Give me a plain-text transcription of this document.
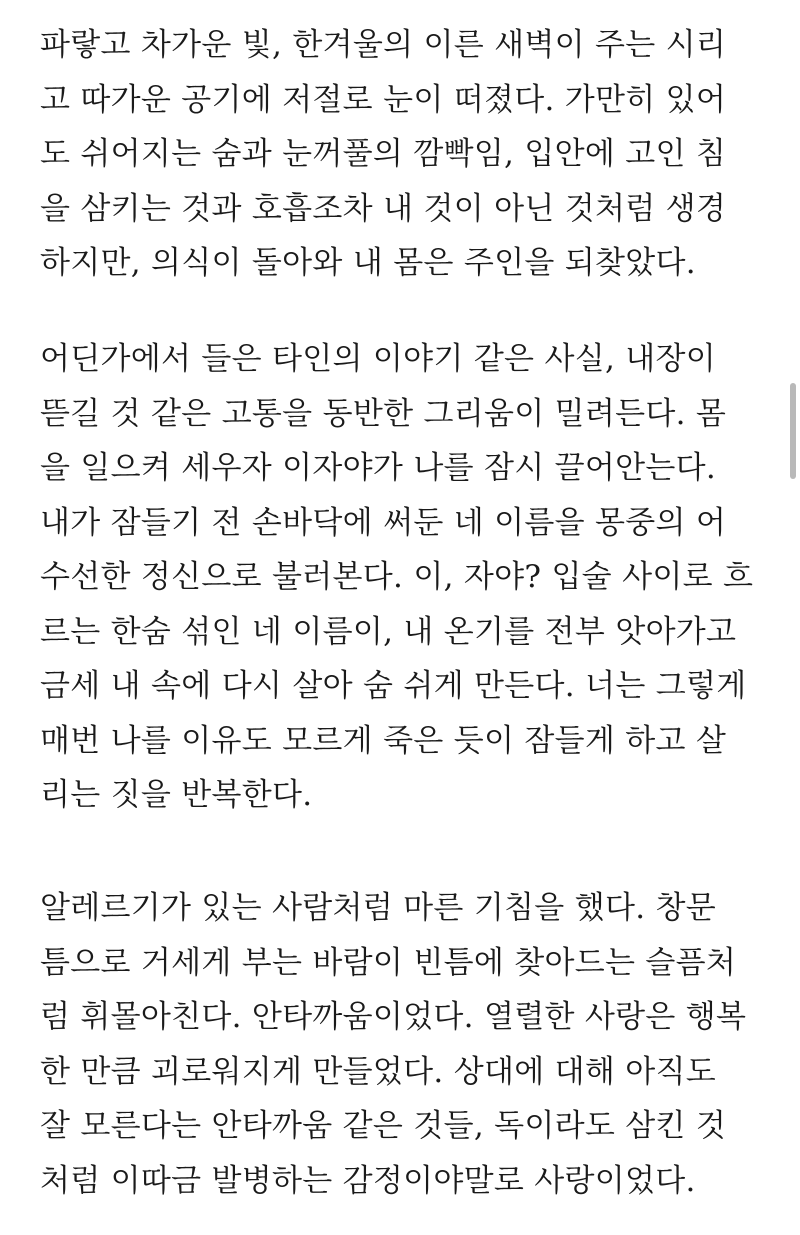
파랗고 차가운 빛, 한겨울의 이른 새벽이 주는 시리
고 따가운 공기에 저절로 눈이 떠졌다. 가만히 있어
도 쉬어지는 숨과 눈꺼풀의 깜빡임, 입안에 고인 침
을 삼키는 것과 호흡조차 내 것이 아닌 것처럼 생경
하지만, 의식이 돌아와 내 몸은 주인을 되찾았다.
어딘가에서 들은 타인의 이야기 같은 사실, 내장이
뜯길 것 같은 고통을 동반한 그리움이 밀려든다. 몸
을 일으켜 세우자 이자야가 나를 잠시 끌어안는다.
내가 잠들기 전 손바닥에 써둔 네 이름을 몽중의 어
수선한 정신으로 불러본다. 이, 자야? 입술 사이로 흐
르는 한숨 섞인 네 이름이, 내 온기를 전부 앗아가고
금세 내 속에 다시 살아 숨 쉬게 만든다. 너는 그렇게
매번 나를 이유도 모르게 죽은 듯이 잠들게 하고 살
리는 짓을 반복한다.
알레르기가 있는 사람처럼 마른 기침을 했다. 창문
틈으로 거세게 부는 바람이 빈틈에 찾아드는 슬픔처
럼 휘몰아친다. 안타까움이었다. 열렬한 사랑은 행복
한 만큼 괴로워지게 만들었다. 상대에 대해 아직도
잘 모른다는 안타까움 같은 것들, 독이라도 삼킨 것
처럼 이따금 발병하는 감정이야말로 사랑이었다.
